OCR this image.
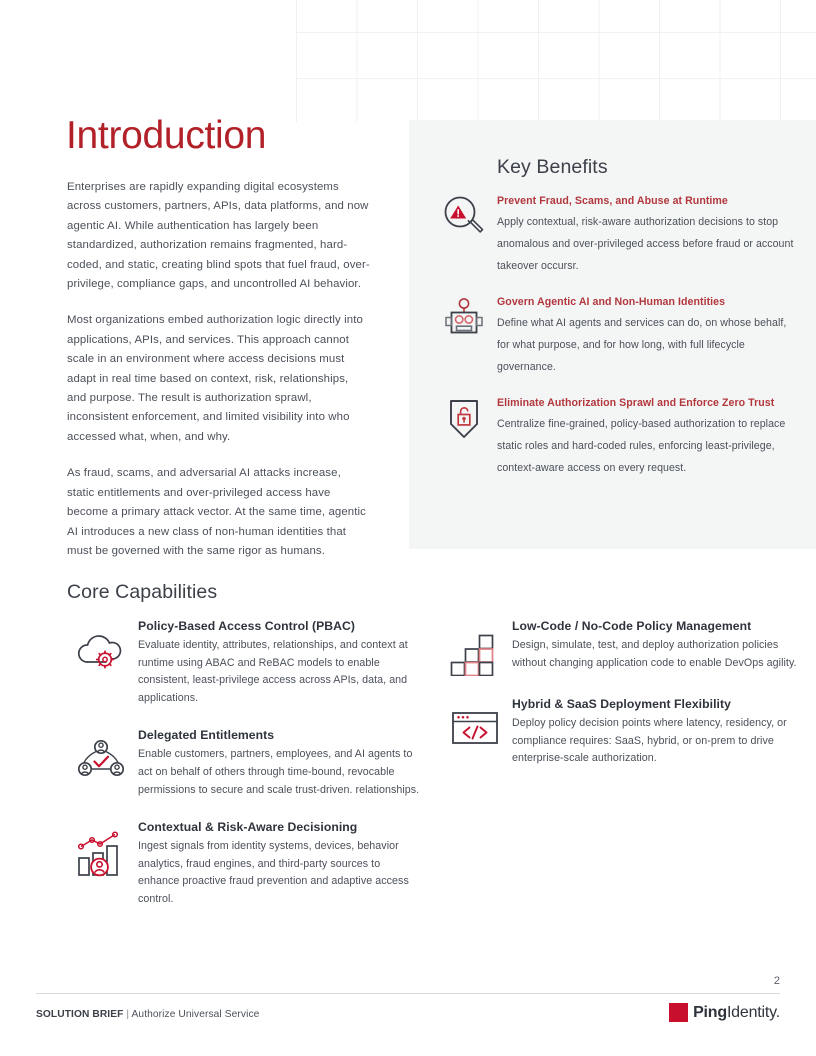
Introduction

Enterprises are rapidly expanding digital ecosystems across customers, partners, APIs, data platforms, and now agentic AI. While authentication has largely been standardized, authorization remains fragmented, hard-coded, and static, creating blind spots that fuel fraud, over-privilege, compliance gaps, and uncontrolled AI behavior.

Most organizations embed authorization logic directly into applications, APIs, and services. This approach cannot scale in an environment where access decisions must adapt in real time based on context, risk, relationships, and purpose. The result is authorization sprawl, inconsistent enforcement, and limited visibility into who accessed what, when, and why.

As fraud, scams, and adversarial AI attacks increase, static entitlements and over-privileged access have become a primary attack vector. At the same time, agentic AI introduces a new class of non-human identities that must be governed with the same rigor as humans.

Key Benefits
Prevent Fraud, Scams, and Abuse at Runtime
Apply contextual, risk-aware authorization decisions to stop anomalous and over-privileged access before fraud or account takeover occursr.
Govern Agentic AI and Non-Human Identities
Define what AI agents and services can do, on whose behalf, for what purpose, and for how long, with full lifecycle governance.
Eliminate Authorization Sprawl and Enforce Zero Trust
Centralize fine-grained, policy-based authorization to replace static roles and hard-coded rules, enforcing least-privilege, context-aware access on every request.
Core Capabilities
Policy-Based Access Control (PBAC)
Evaluate identity, attributes, relationships, and context at runtime using ABAC and ReBAC models to enable consistent, least-privilege access across APIs, data, and applications.
Delegated Entitlements
Enable customers, partners, employees, and AI agents to act on behalf of others through time-bound, revocable permissions to secure and scale trust-driven. relationships.
Contextual & Risk-Aware Decisioning
Ingest signals from identity systems, devices, behavior analytics, fraud engines, and third-party sources to enhance proactive fraud prevention and adaptive access control.
Low-Code / No-Code Policy Management
Design, simulate, test, and deploy authorization policies without changing application code to enable DevOps agility.
Hybrid & SaaS Deployment Flexibility
Deploy policy decision points where latency, residency, or compliance requires: SaaS, hybrid, or on-prem to drive enterprise-scale authorization.
2
SOLUTION BRIEF | Authorize Universal Service	PingIdentity.
